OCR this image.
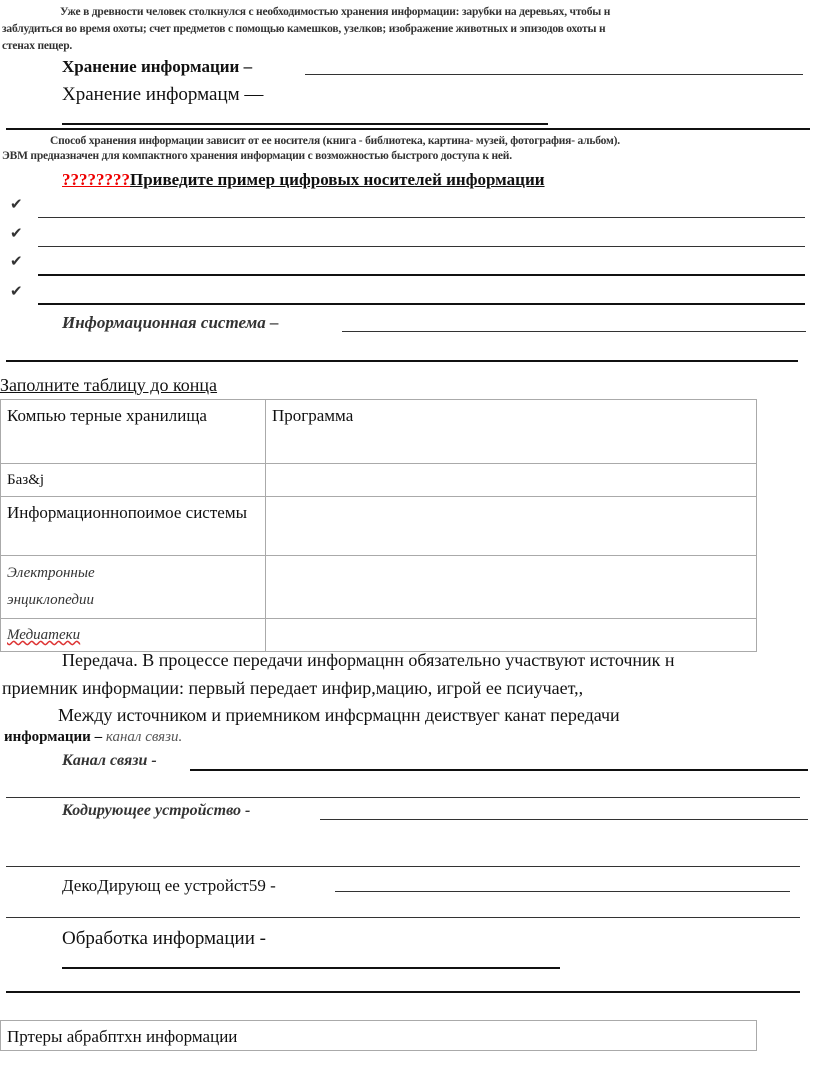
Уже в древности человек столкнулся с необходимостью хранения информации: зарубки на деревьях, чтобы н
заблудиться во время охоты; счет предметов с помощью камешков, узелков; изображение животных и эпизодов охоты н
стенах пещер.
Хранение информации –
Хранение информацм —
Способ хранения информации зависит от ее носителя (книга - библиотека, картина- музей, фотография- альбом).
ЭВМ предназначен для компактного хранения информации с возможностью быстрого доступа к ней.
????????Приведите пример цифровых носителей информации
✔
✔
✔
✔
Информационная система –
Заполните таблицу до конца
Компью терные хранилища	Программа
Баз&j	
Информационнопоимое системы	

Электронные энциклопедии	

Медиатеки	
Передача. В процессе передачи информацнн обязательно участвуют источник н
приемник информации: первый передает инфир,мацию, игрой ее псиучает,,
Между источником и приемником инфсрмацнн деиствуег канат передачи
информации – канал связи.
Канал связи -
Кодирующее устройство -
ДекоДирующ ее устройст59 -
Обработка информации -
Пртеры абрабптхн информации
